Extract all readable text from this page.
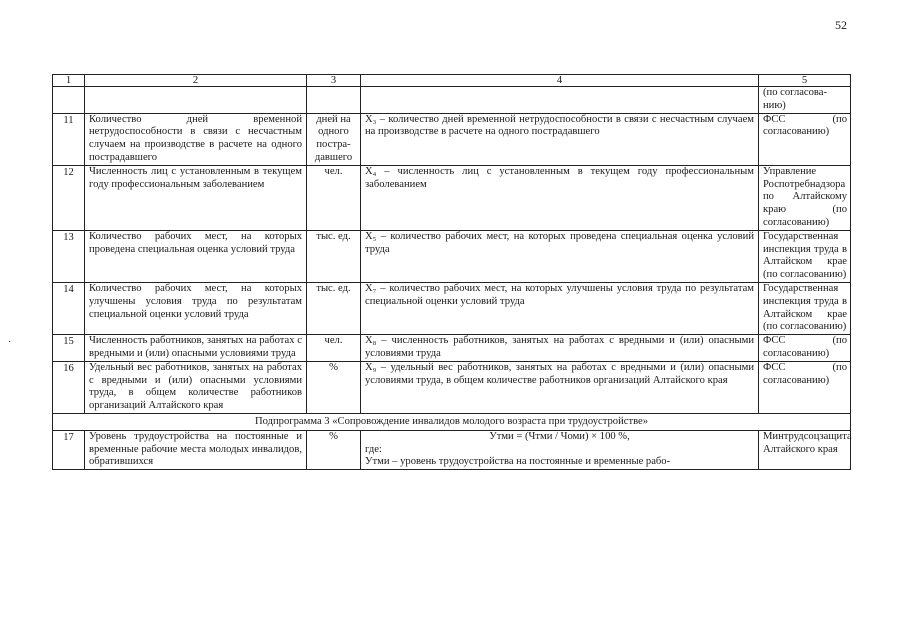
52
·
1	2	3	4	5
				(по согласова-
нию)
11	Количество дней временной нетрудоспособности в связи с несчастным случаем на производстве в расчете на одного пострадавшего	дней на
одного
постра-
давшего	X₃ – количество дней временной нетрудоспособности в связи с несчастным случаем на производстве в расчете на одного пострадавшего	ФСС (по согласованию)
12	Численность лиц с установленным в текущем году профессиональным заболеванием	чел.	X₄ – численность лиц с установленным в текущем году профессиональным заболеванием	Управление Роспотребнадзора по Алтайскому краю (по согласованию)
13	Количество рабочих мест, на которых проведена специальная оценка условий труда	тыс. ед.	X₅ – количество рабочих мест, на которых проведена специальная оценка условий труда	Государственная инспекция труда в Алтайском крае (по согласованию)
14	Количество рабочих мест, на которых улучшены условия труда по результатам специальной оценки условий труда	тыс. ед.	X₇ – количество рабочих мест, на которых улучшены условия труда по результатам специальной оценки условий труда	Государственная инспекция труда в Алтайском крае (по согласованию)
15	Численность работников, занятых на работах с вредными и (или) опасными условиями труда	чел.	X₈ – численность работников, занятых на работах с вредными и (или) опасными условиями труда	ФСС (по согласованию)
16	Удельный вес работников, занятых на работах с вредными и (или) опасными условиями труда, в общем количестве работников организаций Алтайского края	%	X₉ – удельный вес работников, занятых на работах с вредными и (или) опасными условиями труда, в общем количестве работников организаций Алтайского края	ФСС (по согласованию)
Подпрограмма 3 «Сопровождение инвалидов молодого возраста при трудоустройстве»				
17	Уровень трудоустройства на постоянные и временные рабочие места молодых инвалидов, обратившихся	%	Утми = (Чтми / Чоми) × 100 %,
где:
Утми – уровень трудоустройства на постоянные и временные рабо-	Минтрудсоцзащита Алтайского края
